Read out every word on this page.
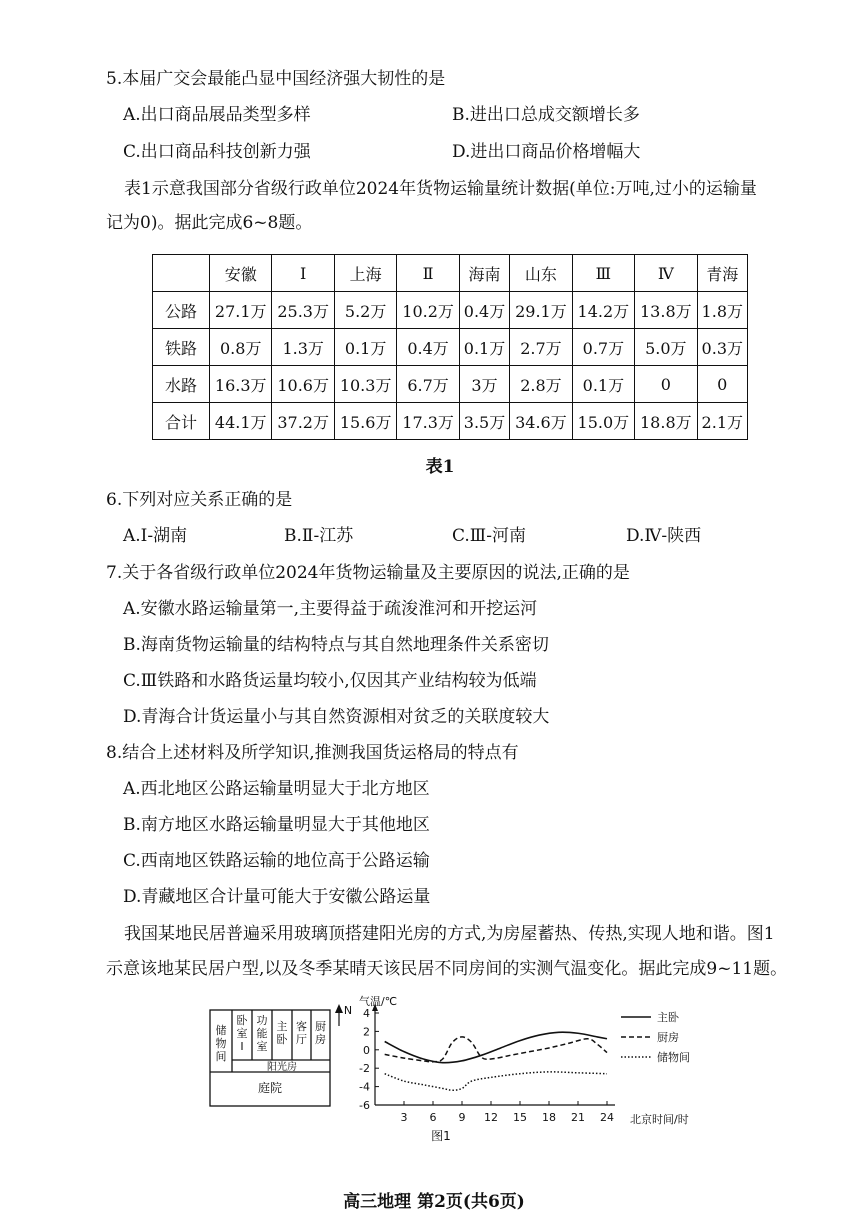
5.本届广交会最能凸显中国经济强大韧性的是
A.出口商品展品类型多样	B.进出口总成交额增长多
C.出口商品科技创新力强	D.进出口商品价格增幅大
表1示意我国部分省级行政单位2024年货物运输量统计数据(单位:万吨,过小的运输量
记为0)。据此完成6~8题。
	安徽	Ⅰ	上海	Ⅱ	海南	山东	Ⅲ	Ⅳ	青海
公路	27.1万	25.3万	5.2万	10.2万	0.4万	29.1万	14.2万	13.8万	1.8万
铁路	0.8万	1.3万	0.1万	0.4万	0.1万	2.7万	0.7万	5.0万	0.3万
水路	16.3万	10.6万	10.3万	6.7万	3万	2.8万	0.1万	0	0
合计	44.1万	37.2万	15.6万	17.3万	3.5万	34.6万	15.0万	18.8万	2.1万
表1
6.下列对应关系正确的是
A.Ⅰ-湖南	B.Ⅱ-江苏	C.Ⅲ-河南	D.Ⅳ-陕西
7.关于各省级行政单位2024年货物运输量及主要原因的说法,正确的是
A.安徽水路运输量第一,主要得益于疏浚淮河和开挖运河
B.海南货物运输量的结构特点与其自然地理条件关系密切
C.Ⅲ铁路和水路货运量均较小,仅因其产业结构较为低端
D.青海合计货运量小与其自然资源相对贫乏的关联度较大
8.结合上述材料及所学知识,推测我国货运格局的特点有
A.西北地区公路运输量明显大于北方地区
B.南方地区水路运输量明显大于其他地区
C.西南地区铁路运输的地位高于公路运输
D.青藏地区合计量可能大于安徽公路运量
我国某地民居普遍采用玻璃顶搭建阳光房的方式,为房屋蓄热、传热,实现人地和谐。图1
示意该地某民居户型,以及冬季某晴天该民居不同房间的实测气温变化。据此完成9~11题。
储
物
间
卧
室
Ⅰ
功
能
室
主
卧
客
厅
厨
房
阳光房
庭院
N 4
2
0
-2
-4
-6
3 6 9 12 15 18 21 24
主卧
厨房
储物间
气温/℃
北京时间/时
图1
高三地理 第2页(共6页)
